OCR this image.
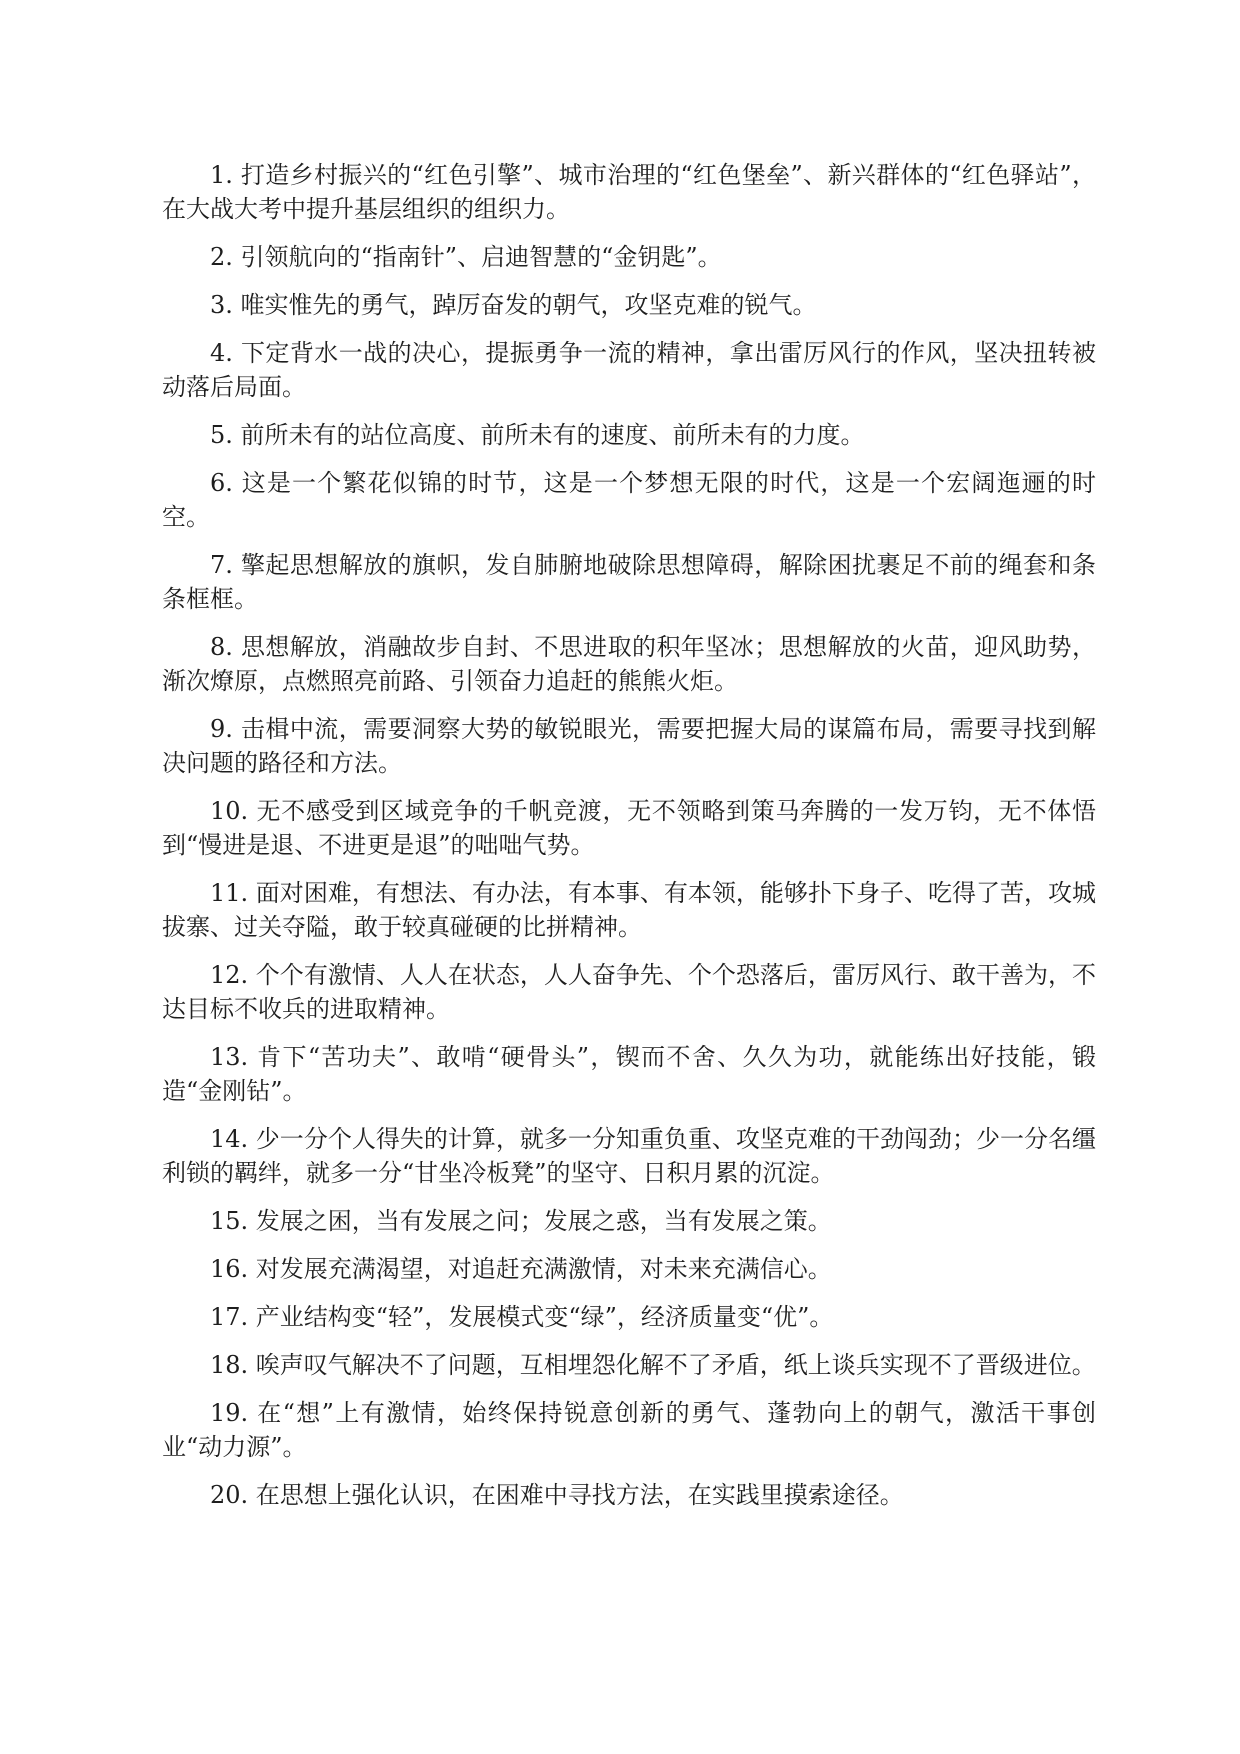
1. 打造乡村振兴的“红色引擎”、城市治理的“红色堡垒”、新兴群体的“红色驿站”，在大战大考中提升基层组织的组织力。

2. 引领航向的“指南针”、启迪智慧的“金钥匙”。

3. 唯实惟先的勇气，踔厉奋发的朝气，攻坚克难的锐气。

4. 下定背水一战的决心，提振勇争一流的精神，拿出雷厉风行的作风，坚决扭转被动落后局面。

5. 前所未有的站位高度、前所未有的速度、前所未有的力度。

6. 这是一个繁花似锦的时节，这是一个梦想无限的时代，这是一个宏阔迤逦的时空。

7. 擎起思想解放的旗帜，发自肺腑地破除思想障碍，解除困扰裹足不前的绳套和条条框框。

8. 思想解放，消融故步自封、不思进取的积年坚冰；思想解放的火苗，迎风助势，渐次燎原，点燃照亮前路、引领奋力追赶的熊熊火炬。

9. 击楫中流，需要洞察大势的敏锐眼光，需要把握大局的谋篇布局，需要寻找到解决问题的路径和方法。

10. 无不感受到区域竞争的千帆竞渡，无不领略到策马奔腾的一发万钧，无不体悟到“慢进是退、不进更是退”的咄咄气势。

11. 面对困难，有想法、有办法，有本事、有本领，能够扑下身子、吃得了苦，攻城拔寨、过关夺隘，敢于较真碰硬的比拼精神。

12. 个个有激情、人人在状态，人人奋争先、个个恐落后，雷厉风行、敢干善为，不达目标不收兵的进取精神。

13. 肯下“苦功夫”、敢啃“硬骨头”，锲而不舍、久久为功，就能练出好技能，锻造“金刚钻”。

14. 少一分个人得失的计算，就多一分知重负重、攻坚克难的干劲闯劲；少一分名缰利锁的羁绊，就多一分“甘坐冷板凳”的坚守、日积月累的沉淀。

15. 发展之困，当有发展之问；发展之惑，当有发展之策。

16. 对发展充满渴望，对追赶充满激情，对未来充满信心。

17. 产业结构变“轻”，发展模式变“绿”，经济质量变“优”。

18. 唉声叹气解决不了问题，互相埋怨化解不了矛盾，纸上谈兵实现不了晋级进位。

19. 在“想”上有激情，始终保持锐意创新的勇气、蓬勃向上的朝气，激活干事创业“动力源”。

20. 在思想上强化认识，在困难中寻找方法，在实践里摸索途径。
